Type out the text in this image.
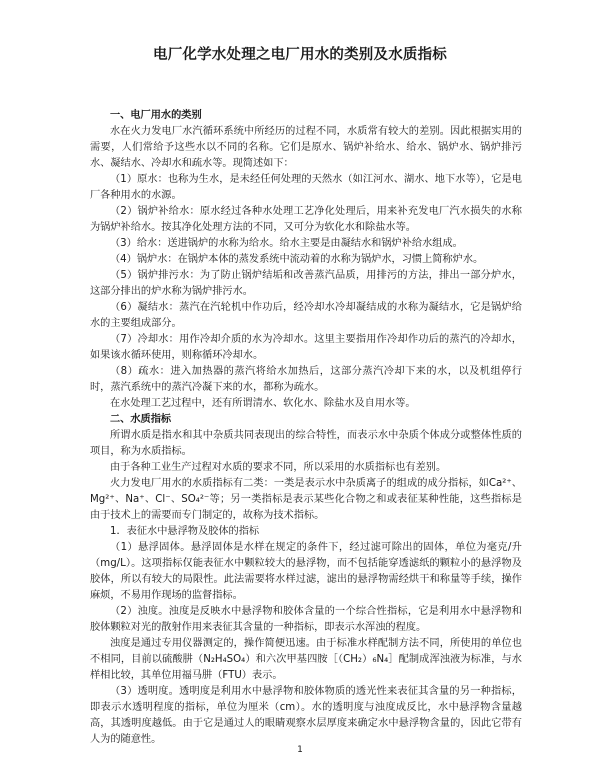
电厂化学水处理之电厂用水的类别及水质指标

一、电厂用水的类别

水在火力发电厂水汽循环系统中所经历的过程不同，水质常有较大的差别。因此根据实用的需要，人们常给予这些水以不同的名称。它们是原水、锅炉补给水、给水、锅炉水、锅炉排污水、凝结水、冷却水和疏水等。现简述如下：

（1）原水：也称为生水，是未经任何处理的天然水（如江河水、湖水、地下水等），它是电厂各种用水的水源。

（2）锅炉补给水：原水经过各种水处理工艺净化处理后，用来补充发电厂汽水损失的水称为锅炉补给水。按其净化处理方法的不同，又可分为软化水和除盐水等。

（3）给水：送进锅炉的水称为给水。给水主要是由凝结水和锅炉补给水组成。

（4）锅炉水：在锅炉本体的蒸发系统中流动着的水称为锅炉水，习惯上简称炉水。

（5）锅炉排污水：为了防止锅炉结垢和改善蒸汽品质，用排污的方法，排出一部分炉水，这部分排出的炉水称为锅炉排污水。

（6）凝结水：蒸汽在汽轮机中作功后，经冷却水冷却凝结成的水称为凝结水，它是锅炉给水的主要组成部分。

（7）冷却水：用作冷却介质的水为冷却水。这里主要指用作冷却作功后的蒸汽的冷却水，如果该水循环使用，则称循环冷却水。

（8）疏水：进入加热器的蒸汽将给水加热后，这部分蒸汽冷却下来的水，以及机组停行时，蒸汽系统中的蒸汽冷凝下来的水，都称为疏水。

在水处理工艺过程中，还有所谓清水、软化水、除盐水及自用水等。

二、水质指标

所谓水质是指水和其中杂质共同表现出的综合特性，而表示水中杂质个体成分或整体性质的项目，称为水质指标。

由于各种工业生产过程对水质的要求不同，所以采用的水质指标也有差别。

火力发电厂用水的水质指标有二类：一类是表示水中杂质离子的组成的成分指标，如Ca²⁺、Mg²⁺、Na⁺、Cl⁻、SO₄²⁻等；另一类指标是表示某些化合物之和或表征某种性能，这些指标是由于技术上的需要而专门制定的，故称为技术指标。

1．表征水中悬浮物及胶体的指标

（1）悬浮固体。悬浮固体是水样在规定的条件下，经过滤可除出的固体，单位为毫克/升（mg/L）。这项指标仅能表征水中颗粒较大的悬浮物，而不包括能穿透滤纸的颗粒小的悬浮物及胶体，所以有较大的局限性。此法需要将水样过滤，滤出的悬浮物需经烘干和称量等手续，操作麻烦，不易用作现场的监督指标。

（2）浊度。浊度是反映水中悬浮物和胶体含量的一个综合性指标，它是利用水中悬浮物和胶体颗粒对光的散射作用来表征其含量的一种指标，即表示水浑浊的程度。

浊度是通过专用仪器测定的，操作简便迅速。由于标准水样配制方法不同，所使用的单位也不相同，目前以硫酸肼（N₂H₄SO₄）和六次甲基四胺［（CH₂）₆N₄］配制成浑浊液为标准，与水样相比较，其单位用福马肼（FTU）表示。

（3）透明度。透明度是利用水中悬浮物和胶体物质的透光性来表征其含量的另一种指标，即表示水透明程度的指标，单位为厘米（cm）。水的透明度与浊度成反比，水中悬浮物含量越高，其透明度越低。由于它是通过人的眼睛观察水层厚度来确定水中悬浮物含量的，因此它带有人为的随意性。

1
